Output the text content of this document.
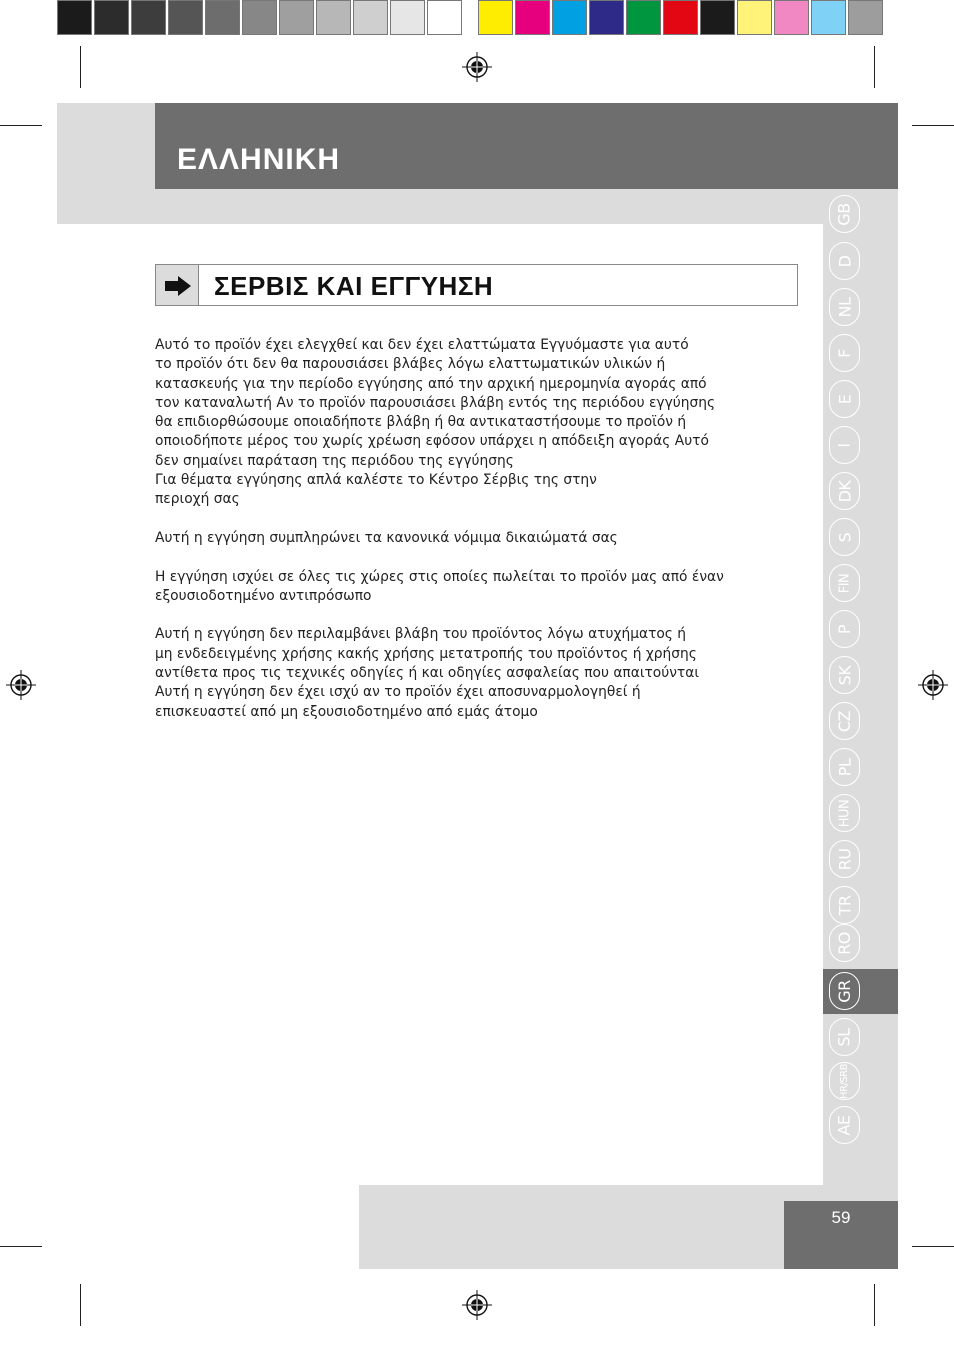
ΕΛΛΗΝΙΚΗ
GB
D
NL
F
E
I
DK
S
FIN
P
SK
CZ
PL
HUN
RU
TR
RO
GR
SL
HR/SRB
AE
ΣΕΡΒΙΣ ΚΑΙ ΕΓΓΥΗΣΗ

Αυτό το προϊόν έχει ελεγχθεί και δεν έχει ελαττώματα Εγγυόμαστε για αυτό

το προϊόν ότι δεν θα παρουσιάσει βλάβες λόγω ελαττωματικών υλικών ή

κατασκευής για την περίοδο εγγύησης από την αρχική ημερομηνία αγοράς από

τον καταναλωτή Αν το προϊόν παρουσιάσει βλάβη εντός της περιόδου εγγύησης

θα επιδιορθώσουμε οποιαδήποτε βλάβη ή θα αντικαταστήσουμε το προϊόν ή

οποιοδήποτε μέρος του χωρίς χρέωση εφόσον υπάρχει η απόδειξη αγοράς Αυτό

δεν σημαίνει παράταση της περιόδου της εγγύησης

Για θέματα εγγύησης απλά καλέστε το Κέντρο Σέρβις της στην

περιοχή σας

Αυτή η εγγύηση συμπληρώνει τα κανονικά νόμιμα δικαιώματά σας

Η εγγύηση ισχύει σε όλες τις χώρες στις οποίες πωλείται το προϊόν μας από έναν

εξουσιοδοτημένο αντιπρόσωπο

Αυτή η εγγύηση δεν περιλαμβάνει βλάβη του προϊόντος λόγω ατυχήματος ή

μη ενδεδειγμένης χρήσης κακής χρήσης μετατροπής του προϊόντος ή χρήσης

αντίθετα προς τις τεχνικές οδηγίες ή και οδηγίες ασφαλείας που απαιτούνται

Αυτή η εγγύηση δεν έχει ισχύ αν το προϊόν έχει αποσυναρμολογηθεί ή

επισκευαστεί από μη εξουσιοδοτημένο από εμάς άτομο

59
